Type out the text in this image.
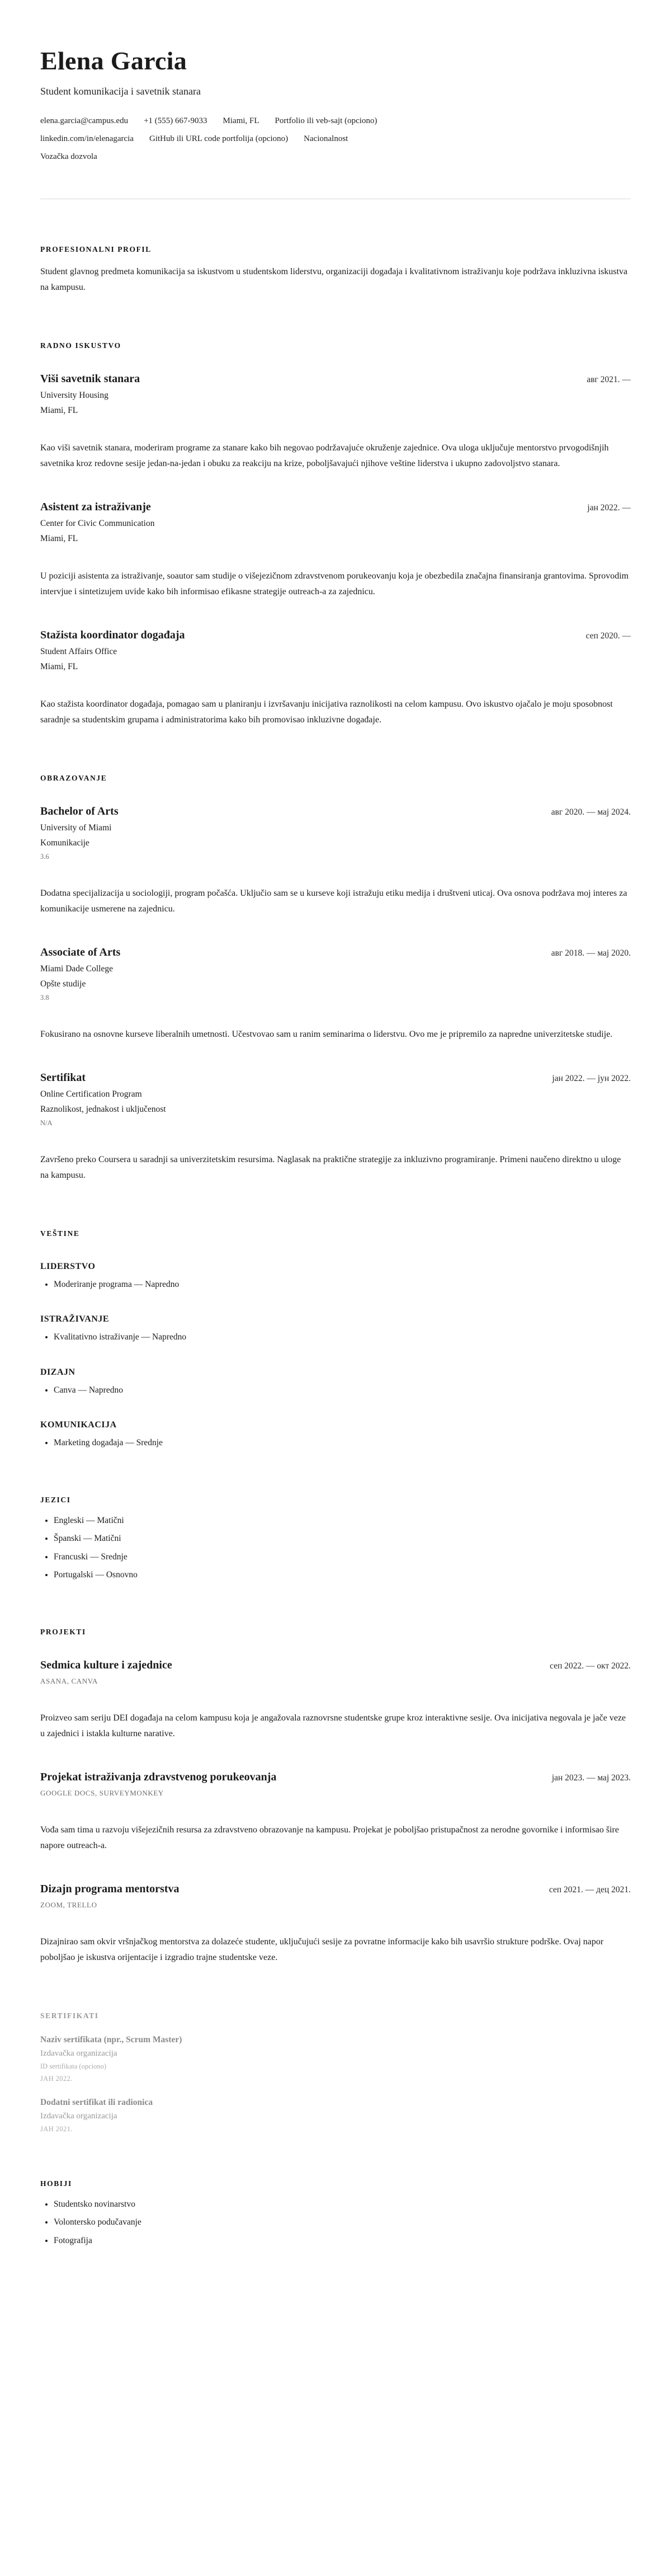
Elena Garcia
Student komunikacija i savetnik stanara
elena.garcia@campus.edu +1 (555) 667-9033 Miami, FL Portfolio ili veb-sajt (opciono)
linkedin.com/in/elenagarcia GitHub ili URL code portfolija (opciono) Nacionalnost
Vozačka dozvola
PROFESIONALNI PROFIL

Student glavnog predmeta komunikacija sa iskustvom u studentskom liderstvu, organizaciji događaja i kvalitativnom istraživanju koje podržava inkluzivna iskustva na kampusu.

RADNO ISKUSTVO
Viši savetnik stanara	авг 2021. —
University Housing
Miami, FL

Kao viši savetnik stanara, moderiram programe za stanare kako bih negovao podržavajuće okruženje zajednice. Ova uloga uključuje mentorstvo prvogodišnjih savetnika kroz redovne sesije jedan-na-jedan i obuku za reakciju na krize, poboljšavajući njihove veštine liderstva i ukupno zadovoljstvo stanara.

Asistent za istraživanje	јан 2022. —
Center for Civic Communication
Miami, FL

U poziciji asistenta za istraživanje, soautor sam studije o višejezičnom zdravstvenom porukeovanju koja je obezbedila značajna finansiranja grantovima. Sprovodim intervjue i sintetizujem uvide kako bih informisao efikasne strategije outreach-a za zajednicu.

Stažista koordinator događaja	сеп 2020. —
Student Affairs Office
Miami, FL

Kao stažista koordinator događaja, pomagao sam u planiranju i izvršavanju inicijativa raznolikosti na celom kampusu. Ovo iskustvo ojačalo je moju sposobnost saradnje sa studentskim grupama i administratorima kako bih promovisao inkluzivne događaje.

OBRAZOVANJE
Bachelor of Arts	авг 2020. — мај 2024.
University of Miami
Komunikacije
3.6

Dodatna specijalizacija u sociologiji, program počašća. Uključio sam se u kurseve koji istražuju etiku medija i društveni uticaj. Ova osnova podržava moj interes za komunikacije usmerene na zajednicu.

Associate of Arts	авг 2018. — мај 2020.
Miami Dade College
Opšte studije
3.8

Fokusirano na osnovne kurseve liberalnih umetnosti. Učestvovao sam u ranim seminarima o liderstvu. Ovo me je pripremilo za napredne univerzitetske studije.

Sertifikat	јан 2022. — јун 2022.
Online Certification Program
Raznolikost, jednakost i uključenost
N/A

Završeno preko Coursera u saradnji sa univerzitetskim resursima. Naglasak na praktične strategije za inkluzivno programiranje. Primeni naučeno direktno u uloge na kampusu.

VEŠTINE
LIDERSTVO
• Moderiranje programa — Napredno
ISTRAŽIVANJE
• Kvalitativno istraživanje — Napredno
DIZAJN
• Canva — Napredno
KOMUNIKACIJA
• Marketing događaja — Srednje
JEZICI
• Engleski — Matični
• Španski — Matični
• Francuski — Srednje
• Portugalski — Osnovno
PROJEKTI
Sedmica kulture i zajednice	сеп 2022. — окт 2022.
ASANA, CANVA

Proizveo sam seriju DEI događaja na celom kampusu koja je angažovala raznovrsne studentske grupe kroz interaktivne sesije. Ova inicijativa negovala je jače veze u zajednici i istakla kulturne narative.

Projekat istraživanja zdravstvenog porukeovanja	јан 2023. — мај 2023.
GOOGLE DOCS, SURVEYMONKEY

Vođa sam tima u razvoju višejezičnih resursa za zdravstveno obrazovanje na kampusu. Projekat je poboljšao pristupačnost za nerodne govornike i informisao šire napore outreach-a.

Dizajn programa mentorstva	сеп 2021. — дец 2021.
ZOOM, TRELLO

Dizajnirao sam okvir vršnjačkog mentorstva za dolazeće studente, uključujući sesije za povratne informacije kako bih usavršio strukture podrške. Ovaj napor poboljšao je iskustva orijentacije i izgradio trajne studentske veze.

SERTIFIKATI
Naziv sertifikata (npr., Scrum Master)
Izdavačka organizacija
ID sertifikata (opciono)
ЈАН 2022.
Dodatni sertifikat ili radionica
Izdavačka organizacija
ЈАН 2021.
HOBIJI
• Studentsko novinarstvo
• Volontersko podučavanje
• Fotografija
